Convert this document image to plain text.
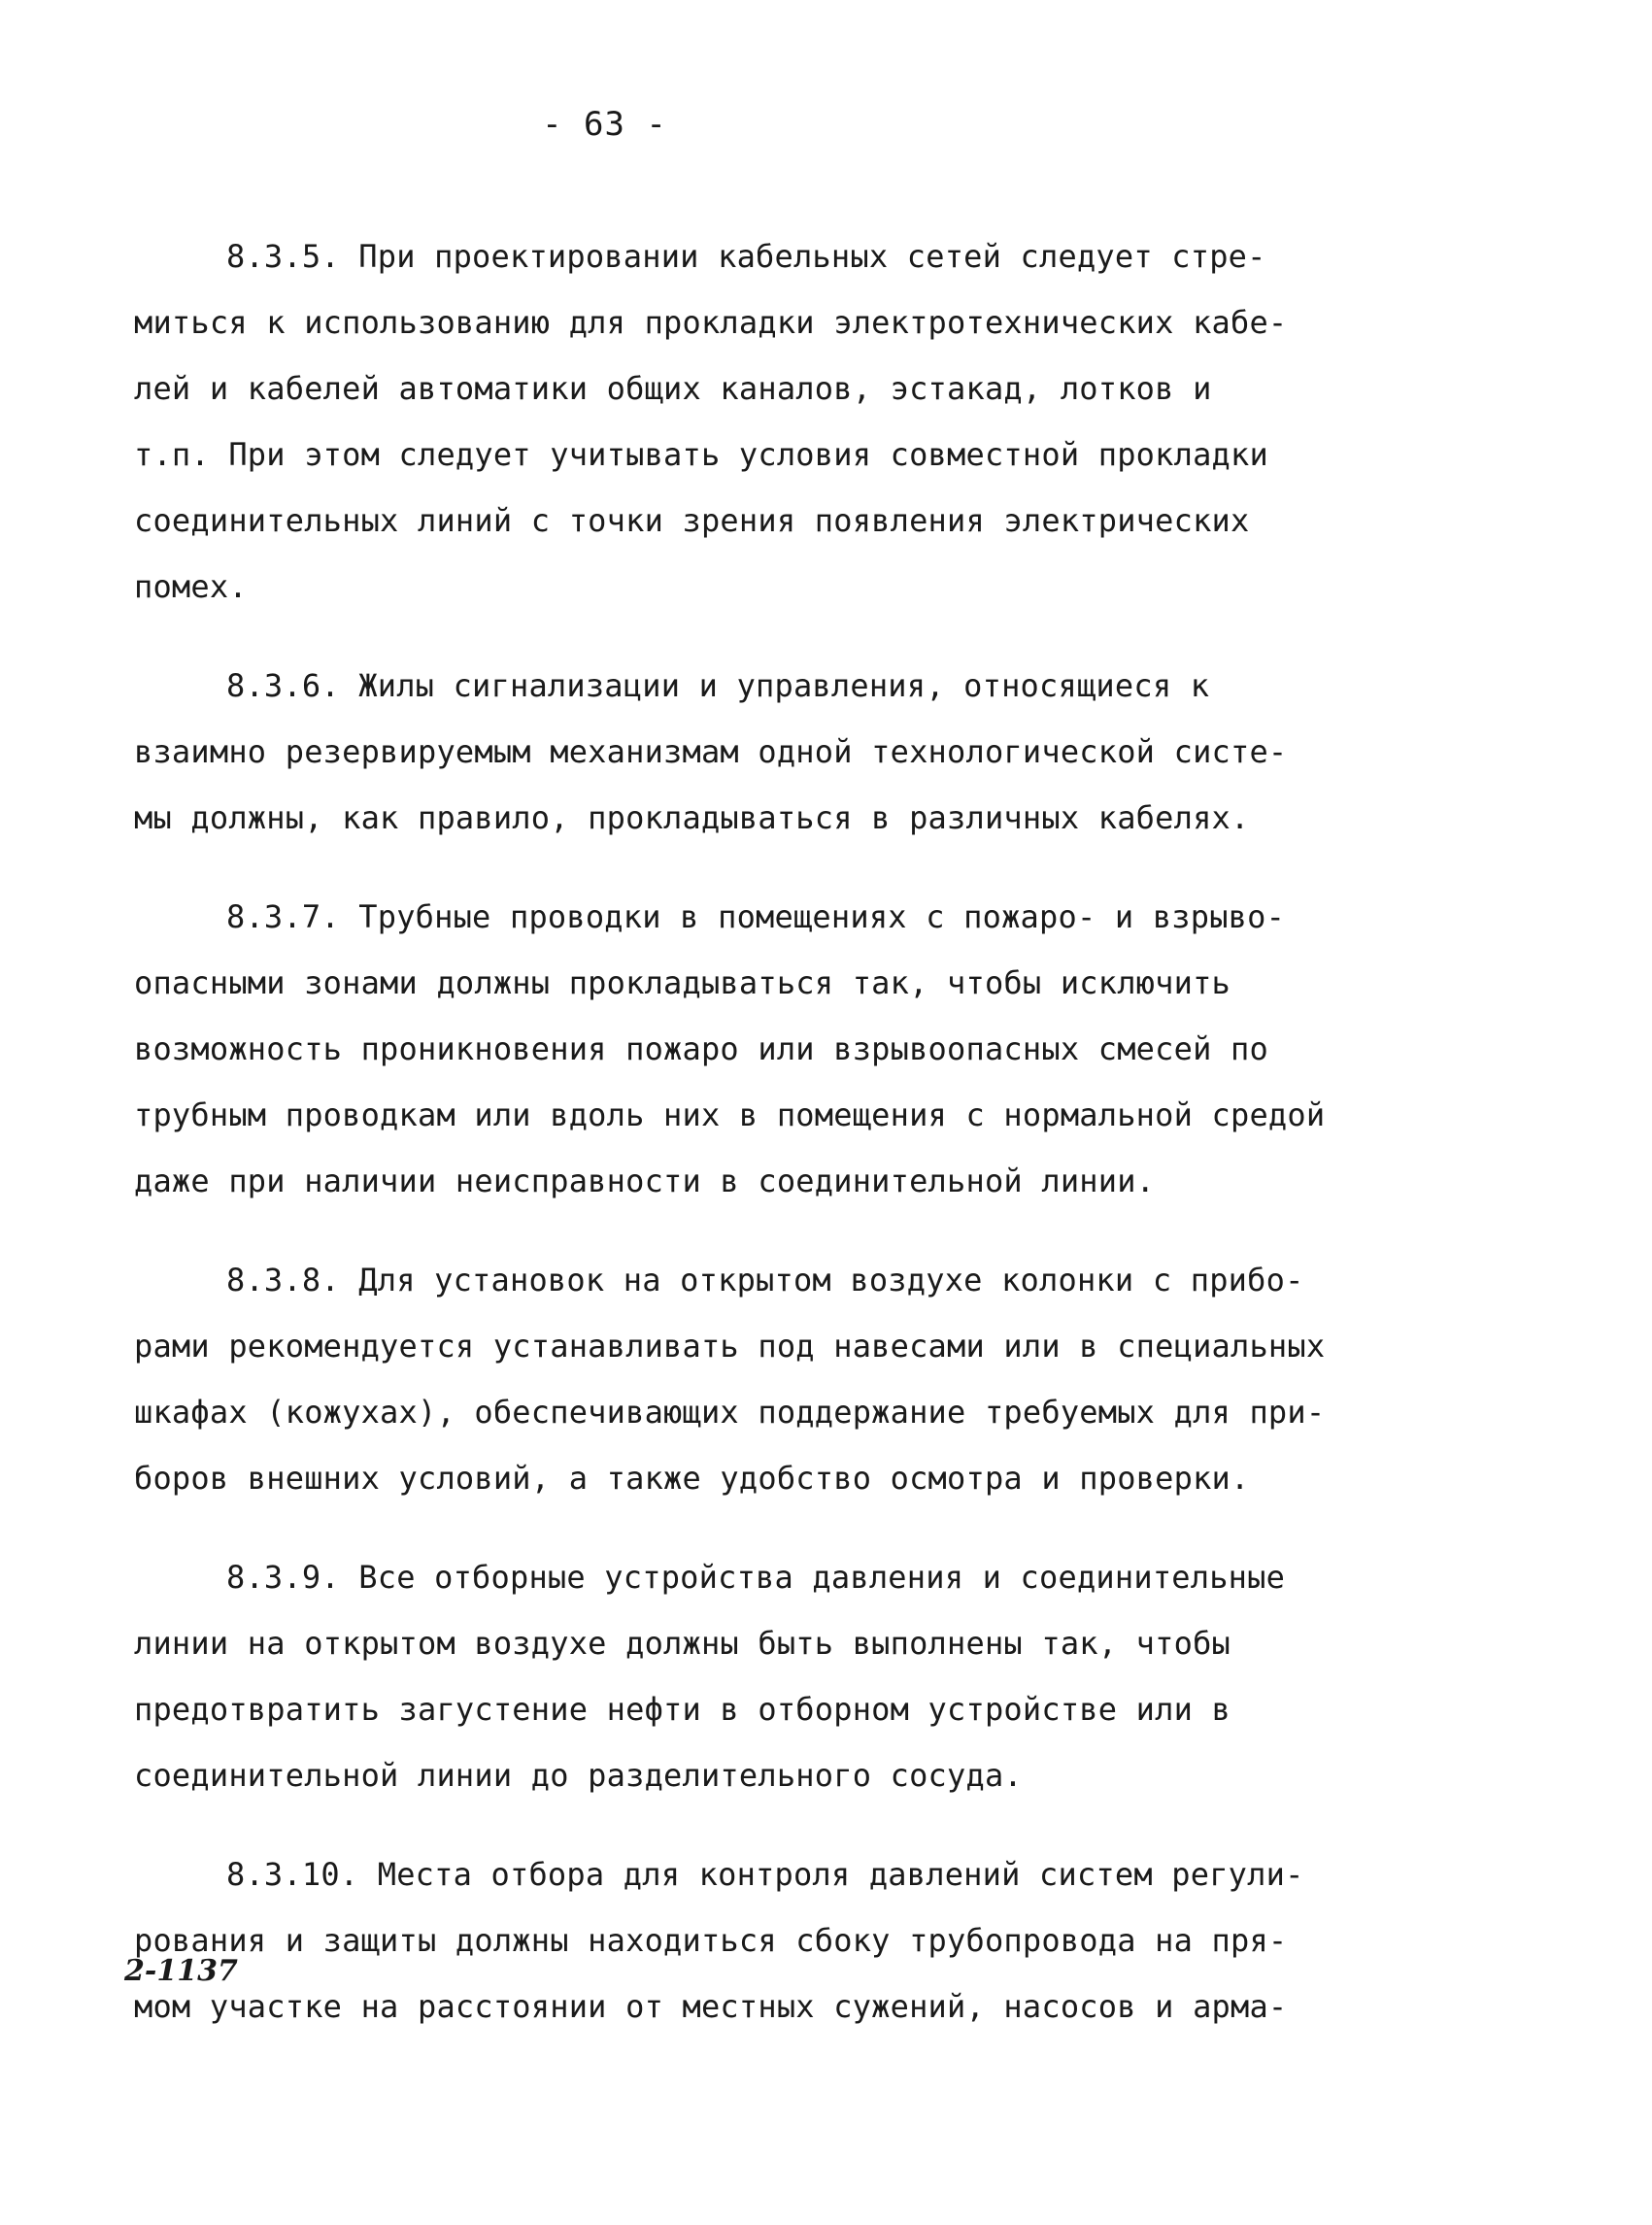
- 63 -
8.3.5. При проектировании кабельных сетей следует стре-
миться к использованию для прокладки электротехнических кабе-
лей и кабелей автоматики общих каналов, эстакад, лотков и
т.п. При этом следует учитывать условия совместной прокладки
соединительных линий с точки зрения появления электрических
помех.
8.3.6. Жилы сигнализации и управления, относящиеся к
взаимно резервируемым механизмам одной технологической систе-
мы должны, как правило, прокладываться в различных кабелях.
8.3.7. Трубные проводки в помещениях с пожаро- и взрыво-
опасными зонами должны прокладываться так, чтобы исключить
возможность проникновения пожаро или взрывоопасных смесей по
трубным проводкам или вдоль них в помещения с нормальной средой
даже при наличии неисправности в соединительной линии.
8.3.8. Для установок на открытом воздухе колонки с прибо-
рами рекомендуется устанавливать под навесами или в специальных
шкафах (кожухах), обеспечивающих поддержание требуемых для при-
боров внешних условий, а также удобство осмотра и проверки.
8.3.9. Все отборные устройства давления и соединительные
линии на открытом воздухе должны быть выполнены так, чтобы
предотвратить загустение нефти в отборном устройстве или в
соединительной линии до разделительного сосуда.
8.3.10. Места отбора для контроля давлений систем регули-
рования и защиты должны находиться сбоку трубопровода на пря-
мом участке на расстоянии от местных сужений, насосов и арма-
2-1137
